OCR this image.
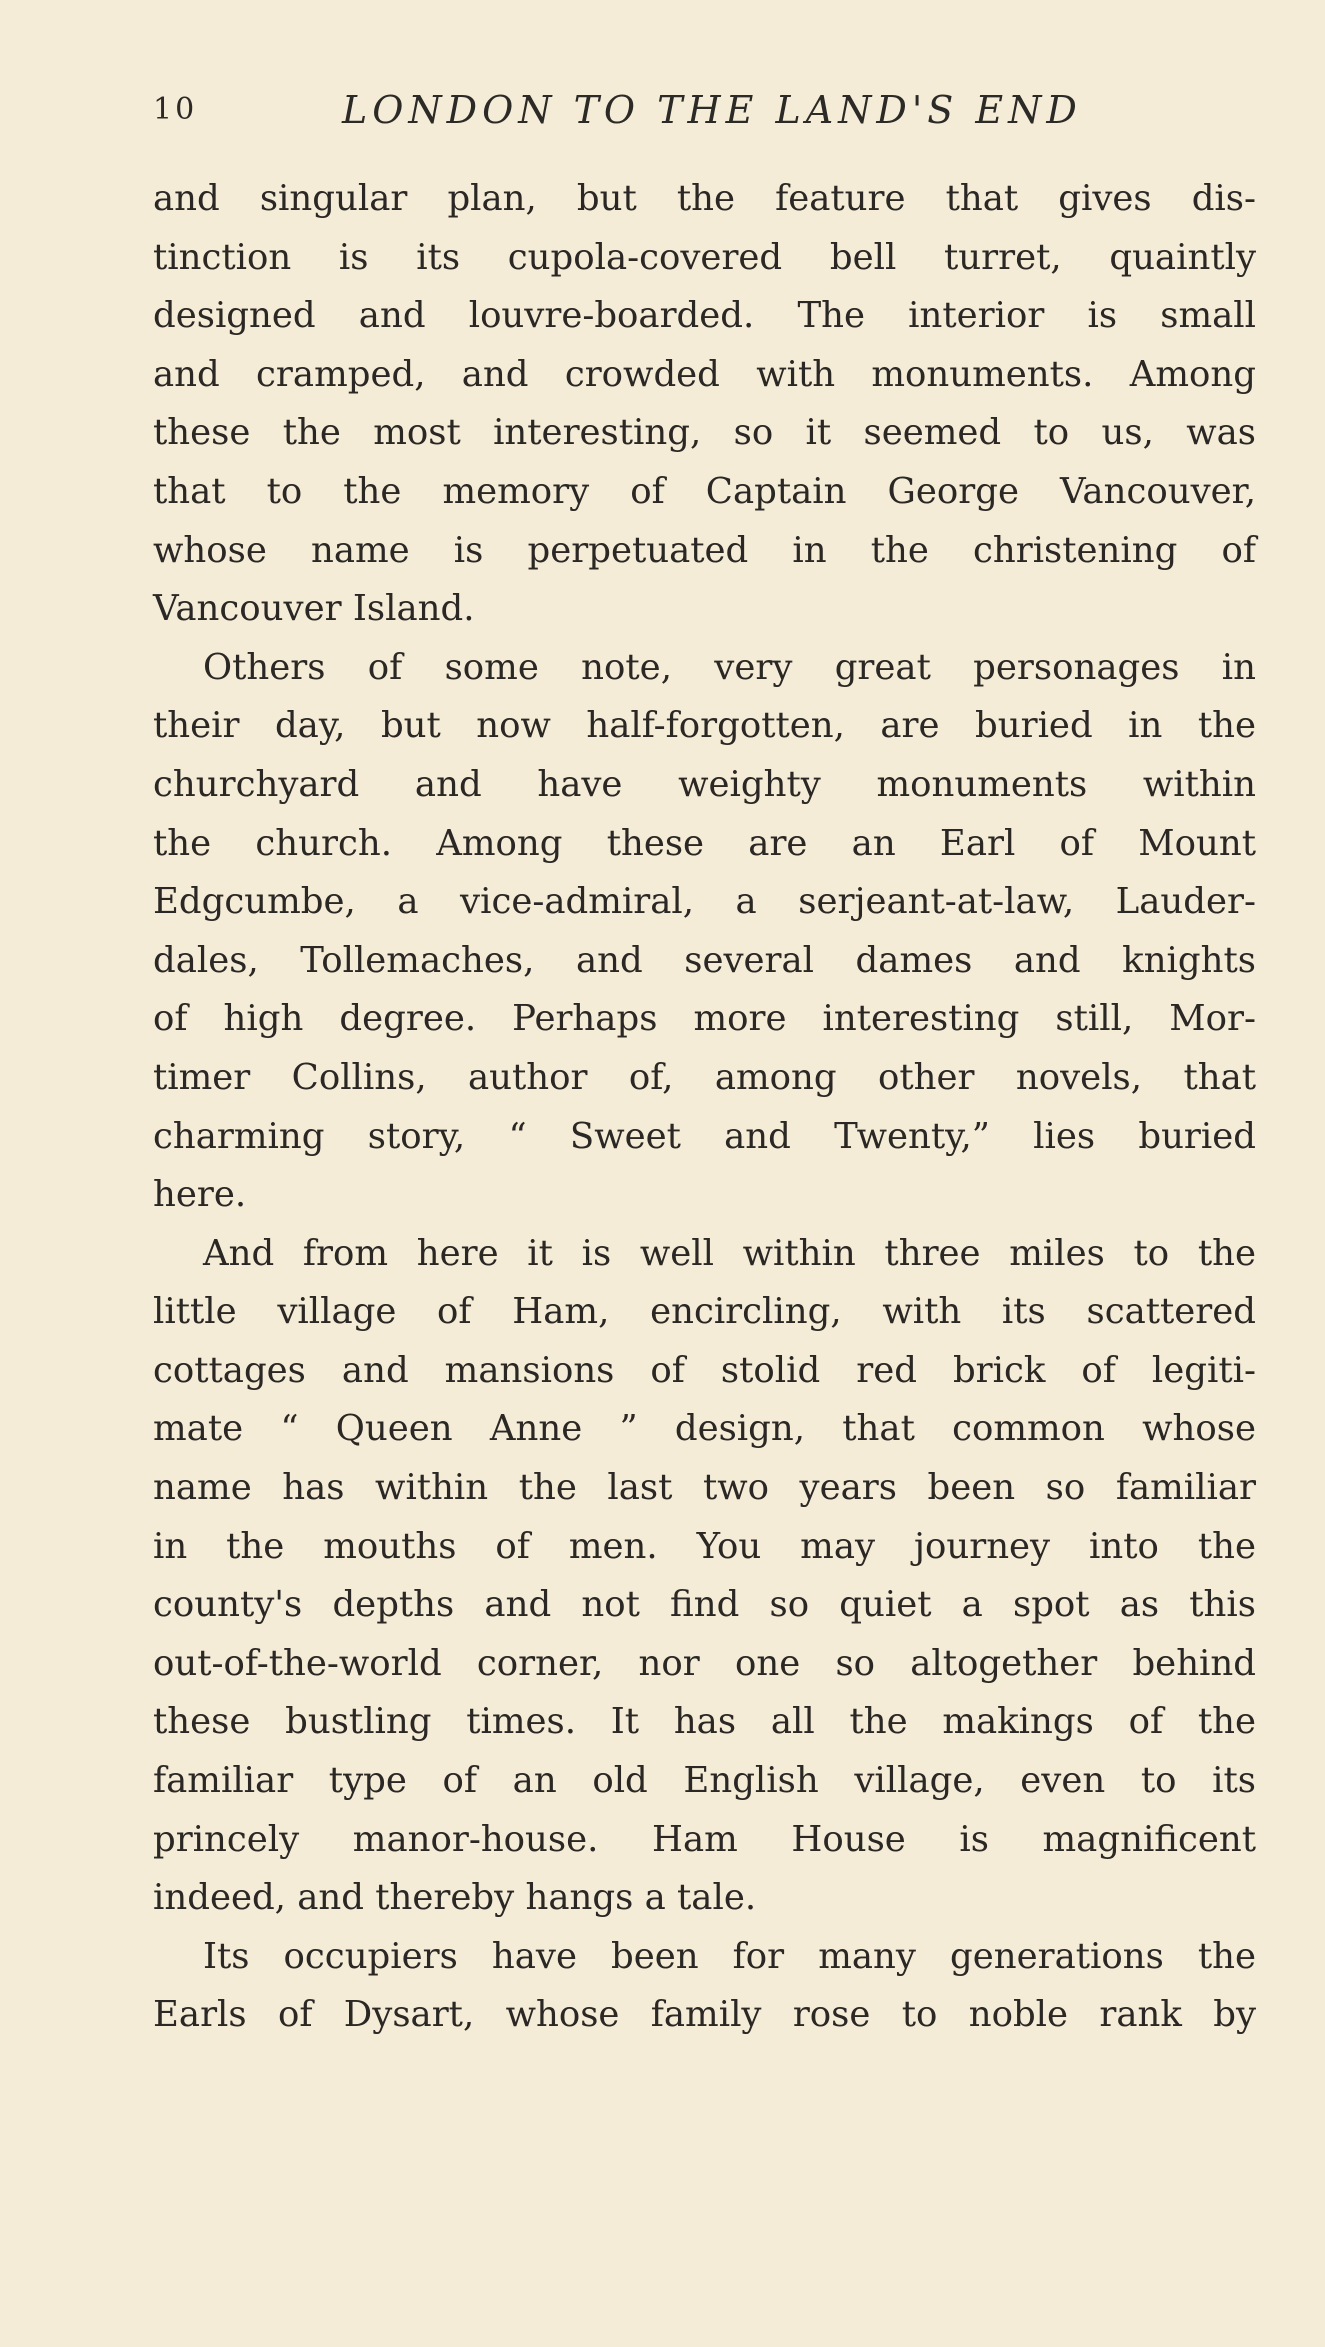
10	LONDON TO THE LAND'S END
and singular plan, but the feature that gives dis-
tinction is its cupola-covered bell turret, quaintly
designed and louvre-boarded. The interior is small
and cramped, and crowded with monuments. Among
these the most interesting, so it seemed to us, was
that to the memory of Captain George Vancouver,
whose name is perpetuated in the christening of
Vancouver Island.
Others of some note, very great personages in
their day, but now half-forgotten, are buried in the
churchyard and have weighty monuments within
the church. Among these are an Earl of Mount
Edgcumbe, a vice-admiral, a serjeant-at-law, Lauder-
dales, Tollemaches, and several dames and knights
of high degree. Perhaps more interesting still, Mor-
timer Collins, author of, among other novels, that
charming story, “ Sweet and Twenty,” lies buried
here.
And from here it is well within three miles to the
little village of Ham, encircling, with its scattered
cottages and mansions of stolid red brick of legiti-
mate “ Queen Anne ” design, that common whose
name has within the last two years been so familiar
in the mouths of men. You may journey into the
county's depths and not find so quiet a spot as this
out-of-the-world corner, nor one so altogether behind
these bustling times. It has all the makings of the
familiar type of an old English village, even to its
princely manor-house. Ham House is magnificent
indeed, and thereby hangs a tale.
Its occupiers have been for many generations the
Earls of Dysart, whose family rose to noble rank by
